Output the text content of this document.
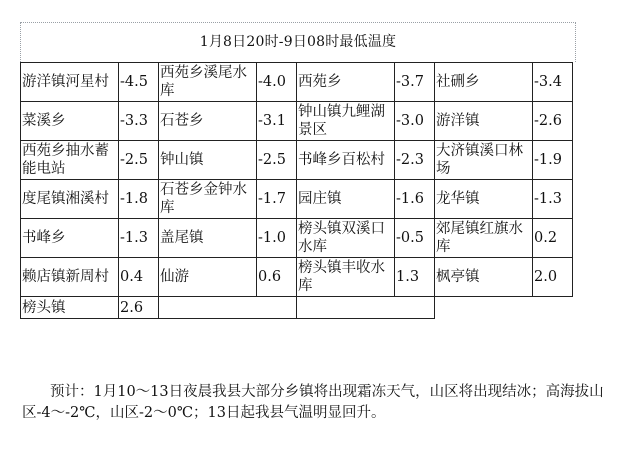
1月8日20时-9日08时最低温度
游洋镇河星村	-4.5	西苑乡溪尾水库	-4.0	西苑乡	-3.7	社硎乡	-3.4
菜溪乡	-3.3	石苍乡	-3.1	钟山镇九鲤湖景区	-3.0	游洋镇	-2.6
西苑乡抽水蓄能电站	-2.5	钟山镇	-2.5	书峰乡百松村	-2.3	大济镇溪口林场	-1.9
度尾镇湘溪村	-1.8	石苍乡金钟水库	-1.7	园庄镇	-1.6	龙华镇	-1.3
书峰乡	-1.3	盖尾镇	-1.0	榜头镇双溪口水库	-0.5	郊尾镇红旗水库	0.2
赖店镇新周村	0.4	仙游	0.6	榜头镇丰收水库	1.3	枫亭镇	2.0
榜头镇	2.6						
预计：1月10～13日夜晨我县大部分乡镇将出现霜冻天气，山区将出现结冰；高海拔山区-4～-2℃，山区-2～0℃；13日起我县气温明显回升。
